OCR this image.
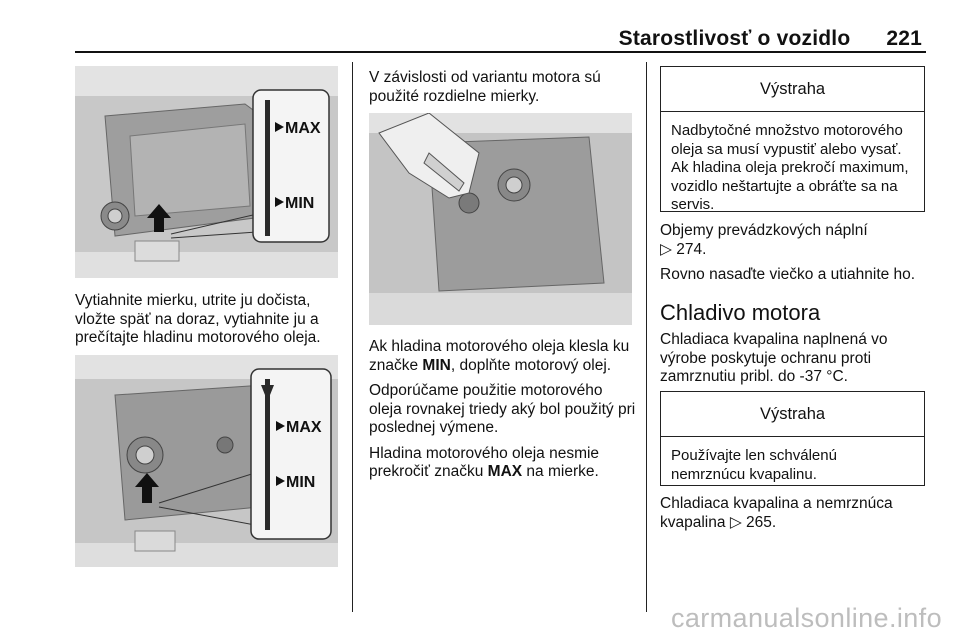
Starostlivosť o vozidlo 221
MAX
MIN

Vytiahnite mierku, utrite ju dočista, vložte späť na doraz, vytiahnite ju a prečítajte hladinu motorového oleja.

MAX
MIN

V závislosti od variantu motora sú použité rozdielne mierky.

Ak hladina motorového oleja klesla ku značke MIN, doplňte motorový olej.

Odporúčame použitie motorového oleja rovnakej triedy aký bol použitý pri poslednej výmene.

Hladina motorového oleja nesmie prekročiť značku MAX na mierke.

Výstraha
Nadbytočné množstvo motorového oleja sa musí vypustiť alebo vysať. Ak hladina oleja prekročí maximum, vozidlo neštartujte a obráťte sa na servis.

Objemy prevádzkových náplní
▷ 274.

Rovno nasaďte viečko a utiahnite ho.

Chladivo motora

Chladiaca kvapalina naplnená vo výrobe poskytuje ochranu proti zamrznutiu pribl. do -37 °C.

Výstraha
Používajte len schválenú nemrznúcu kvapalinu.

Chladiaca kvapalina a nemrznúca kvapalina ▷ 265.

carmanualsonline.info
